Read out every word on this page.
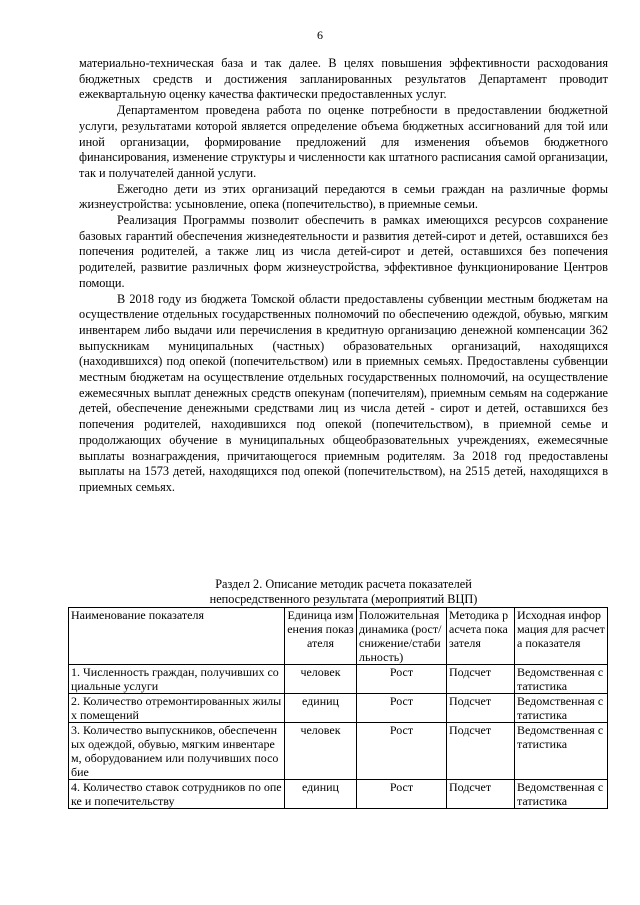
6

материально-техническая база и так далее. В целях повышения эффективности расходования бюджетных средств и достижения запланированных результатов Департамент проводит ежеквартальную оценку качества фактически предоставленных услуг.

Департаментом проведена работа по оценке потребности в предоставлении бюджетной услуги, результатами которой является определение объема бюджетных ассигнований для той или иной организации, формирование предложений для изменения объемов бюджетного финансирования, изменение структуры и численности как штатного расписания самой организации, так и получателей данной услуги.

Ежегодно дети из этих организаций передаются в семьи граждан на различные формы жизнеустройства: усыновление, опека (попечительство), в приемные семьи.

Реализация Программы позволит обеспечить в рамках имеющихся ресурсов сохранение базовых гарантий обеспечения жизнедеятельности и развития детей-сирот и детей, оставшихся без попечения родителей, а также лиц из числа детей-сирот и детей, оставшихся без попечения родителей, развитие различных форм жизнеустройства, эффективное функционирование Центров помощи.

В 2018 году из бюджета Томской области предоставлены субвенции местным бюджетам на осуществление отдельных государственных полномочий по обеспечению одеждой, обувью, мягким инвентарем либо выдачи или перечисления в кредитную организацию денежной компенсации 362 выпускникам муниципальных (частных) образовательных организаций, находящихся (находившихся) под опекой (попечительством) или в приемных семьях. Предоставлены субвенции местным бюджетам на осуществление отдельных государственных полномочий, на осуществление ежемесячных выплат денежных средств опекунам (попечителям), приемным семьям на содержание детей, обеспечение денежными средствами лиц из числа детей - сирот и детей, оставшихся без попечения родителей, находившихся под опекой (попечительством), в приемной семье и продолжающих обучение в муниципальных общеобразовательных учреждениях, ежемесячные выплаты вознаграждения, причитающегося приемным родителям. За 2018 год предоставлены выплаты на 1573 детей, находящихся под опекой (попечительством), на 2515 детей, находящихся в приемных семьях.

Раздел 2. Описание методик расчета показателей
непосредственного результата (мероприятий ВЦП)
Наименование показателя	Единица изменения показателя	Положительная динамика (рост/снижение/стабильность)	Методика расчета показателя	Исходная информация для расчета показателя
1. Численность граждан, получивших социальные услуги	человек	Рост	Подсчет	Ведомственная статистика
2. Количество отремонтированных жилых помещений	единиц	Рост	Подсчет	Ведомственная статистика
3. Количество выпускников, обеспеченных одеждой, обувью, мягким инвентарем, оборудованием или получивших пособие	человек	Рост	Подсчет	Ведомственная статистика
4. Количество ставок сотрудников по опеке и попечительству	единиц	Рост	Подсчет	Ведомственная статистика
